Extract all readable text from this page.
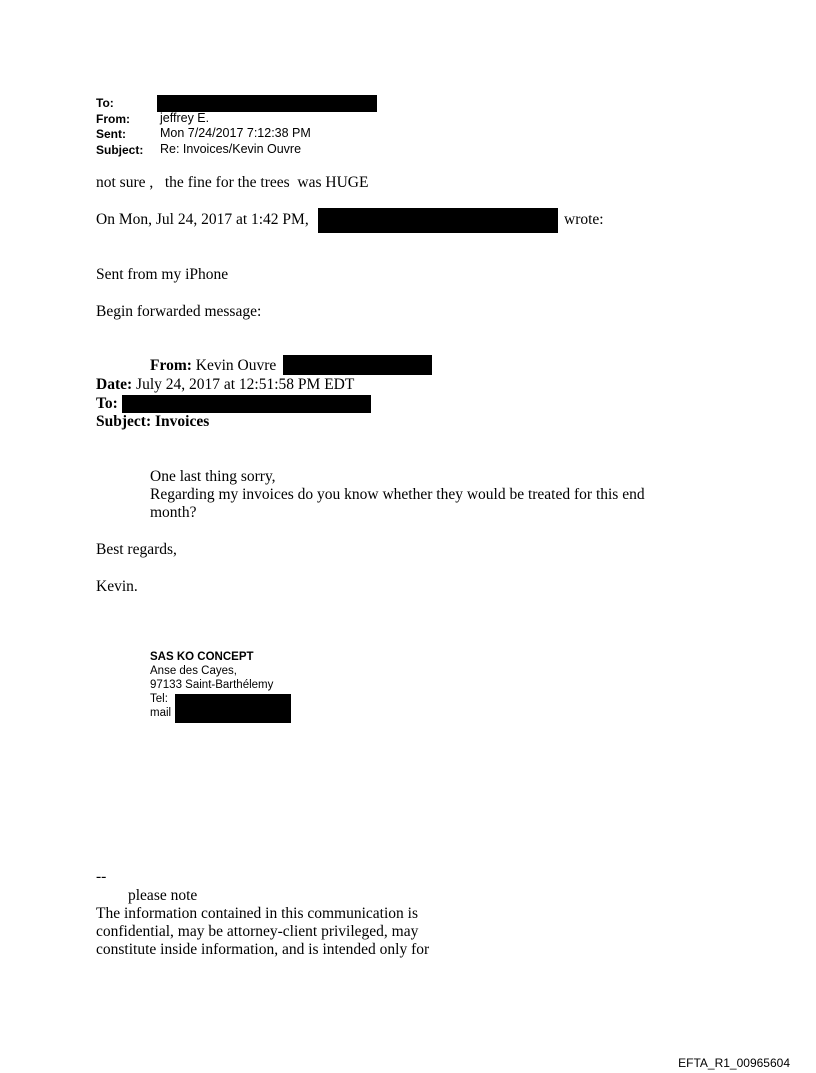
To:
From: jeffrey E.
Sent:	Mon 7/24/2017 7:12:38 PM
Subject: Re: Invoices/Kevin Ouvre
not sure ,   the fine for the trees  was HUGE
On Mon, Jul 24, 2017 at 1:42 PM,	wrote:
Sent from my iPhone
Begin forwarded message:
From: Kevin Ouvre
Date: July 24, 2017 at 12:51:58 PM EDT
To:
Subject: Invoices
One last thing sorry,
Regarding my invoices do you know whether they would be treated for this end
month?
Best regards,
Kevin.
SAS KO CONCEPT
Anse des Cayes,
97133 Saint-Barthélemy
Tel:
mail
--
please note
The information contained in this communication is
confidential, may be attorney-client privileged, may
constitute inside information, and is intended only for
EFTA_R1_00965604
